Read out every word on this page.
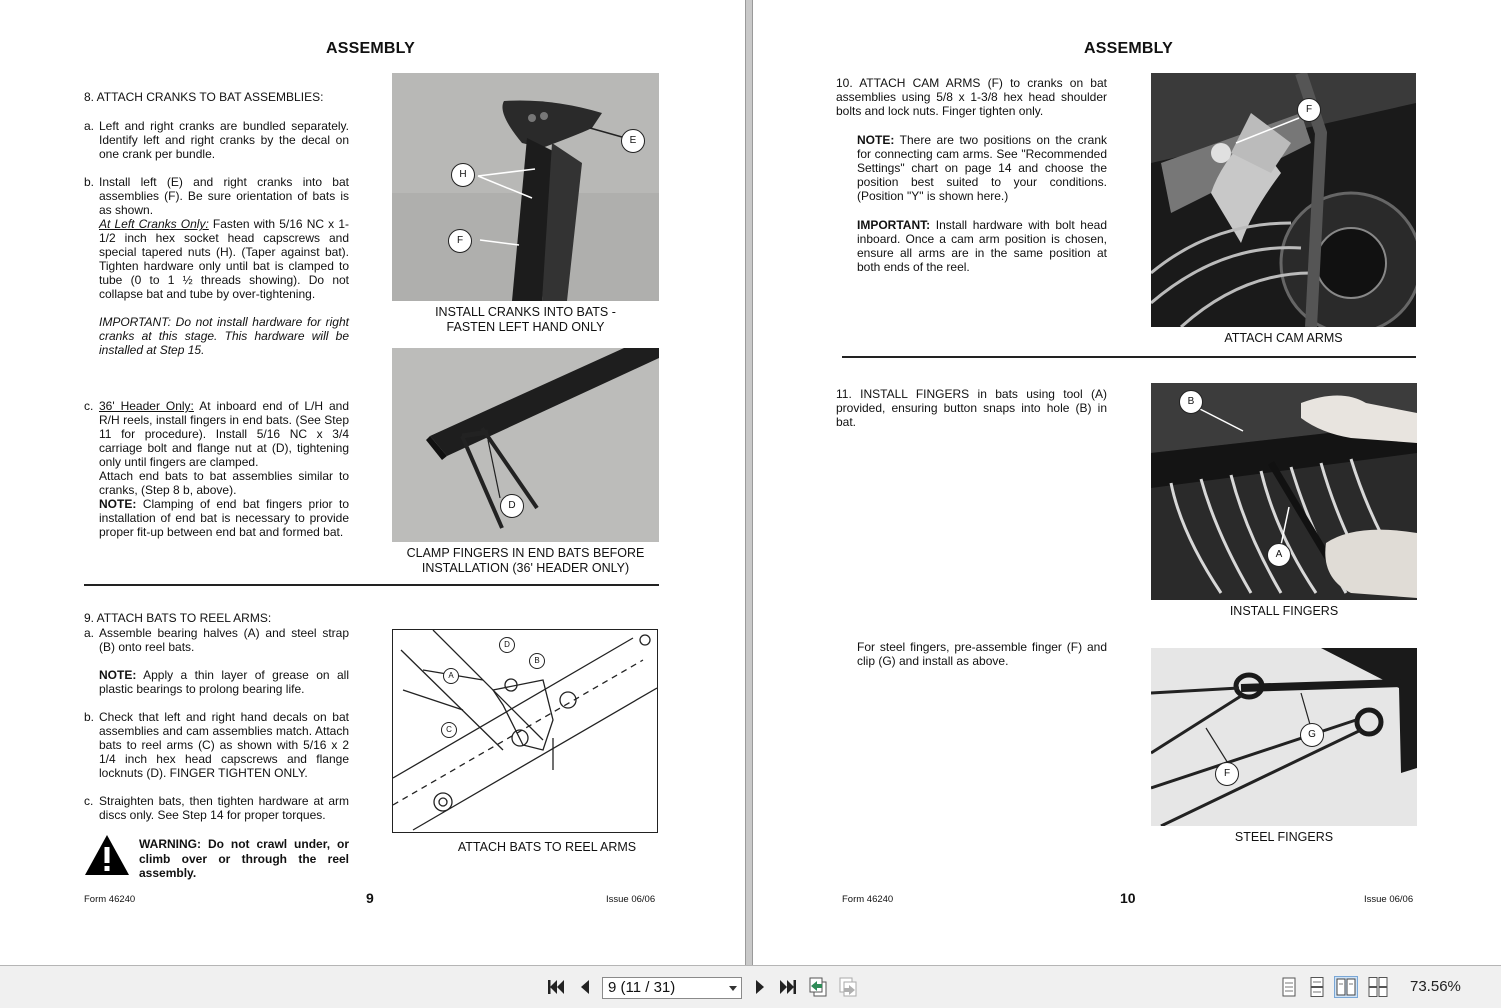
ASSEMBLY
8. ATTACH CRANKS TO BAT ASSEMBLIES:
a. Left and right cranks are bundled separately. Identify left and right cranks by the decal on one crank per bundle.
b. Install left (E) and right cranks into bat assemblies (F). Be sure orientation of bats is as shown.
At Left Cranks Only: Fasten with 5/16 NC x 1-1/2 inch hex socket head capscrews and special tapered nuts (H). (Taper against bat). Tighten hardware only until bat is clamped to tube (0 to 1 ½ threads showing). Do not collapse bat and tube by over-tightening.
IMPORTANT: Do not install hardware for right cranks at this stage. This hardware will be installed at Step 15.
c. 36' Header Only: At inboard end of L/H and R/H reels, install fingers in end bats. (See Step 11 for procedure). Install 5/16 NC x 3/4 carriage bolt and flange nut at (D), tightening only until fingers are clamped.
Attach end bats to bat assemblies similar to cranks, (Step 8 b, above).
NOTE: Clamping of end bat fingers prior to installation of end bat is necessary to provide proper fit-up between end bat and formed bat.
E
H
F
INSTALL CRANKS INTO BATS -
FASTEN LEFT HAND ONLY
D
CLAMP FINGERS IN END BATS BEFORE
INSTALLATION (36' HEADER ONLY)
9. ATTACH BATS TO REEL ARMS:
a. Assemble bearing halves (A) and steel strap (B) onto reel bats.
NOTE: Apply a thin layer of grease on all plastic bearings to prolong bearing life.
b. Check that left and right hand decals on bat assemblies and cam assemblies match. Attach bats to reel arms (C) as shown with 5/16 x 2 1/4 inch hex head capscrews and flange locknuts (D). FINGER TIGHTEN ONLY.
c. Straighten bats, then tighten hardware at arm discs only. See Step 14 for proper torques.
WARNING: Do not crawl under, or climb over or through the reel assembly.
D
B
A
C
ATTACH BATS TO REEL ARMS
Form 46240	9	Issue 06/06
ASSEMBLY
10. ATTACH CAM ARMS (F) to cranks on bat assemblies using 5/8 x 1-3/8 hex head shoulder bolts and lock nuts. Finger tighten only.
NOTE: There are two positions on the crank for connecting cam arms. See "Recommended Settings" chart on page 14 and choose the position best suited to your conditions. (Position "Y" is shown here.)
IMPORTANT: Install hardware with bolt head inboard. Once a cam arm position is chosen, ensure all arms are in the same position at both ends of the reel.
F
ATTACH CAM ARMS
11. INSTALL FINGERS in bats using tool (A) provided, ensuring button snaps into hole (B) in bat.
B
A
INSTALL FINGERS
For steel fingers, pre-assemble finger (F) and clip (G) and install as above.
G
F
STEEL FINGERS
Form 46240	10	Issue 06/06
9 (11 / 31)	73.56%
